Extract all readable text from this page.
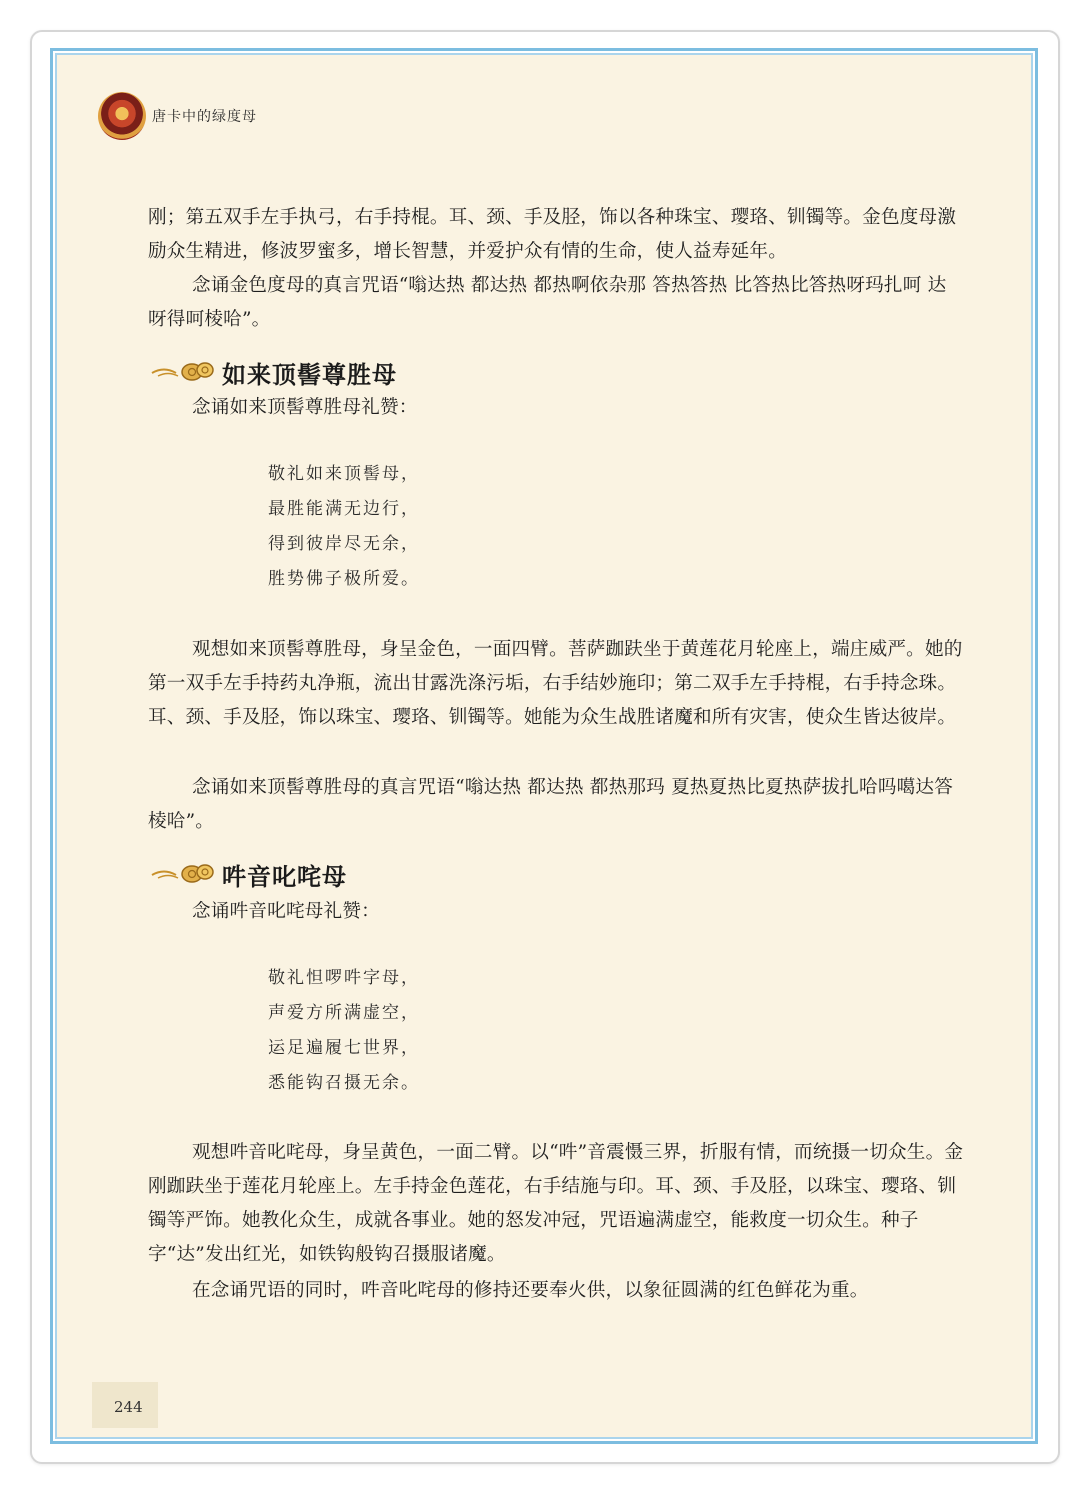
唐卡中的绿度母

刚；第五双手左手执弓，右手持棍。耳、颈、手及胫，饰以各种珠宝、璎珞、钏镯等。金色度母激励众生精进，修波罗蜜多，增长智慧，并爱护众有情的生命，使人益寿延年。

念诵金色度母的真言咒语“嗡达热 都达热 都热啊依杂那 答热答热 比答热比答热呀玛扎呵 达呀得呵棱哈”。

如来顶髻尊胜母

念诵如来顶髻尊胜母礼赞：

敬礼如来顶髻母，
最胜能满无边行，
得到彼岸尽无余，
胜势佛子极所爱。

观想如来顶髻尊胜母，身呈金色，一面四臂。菩萨跏趺坐于黄莲花月轮座上，端庄威严。她的第一双手左手持药丸净瓶，流出甘露洗涤污垢，右手结妙施印；第二双手左手持棍，右手持念珠。耳、颈、手及胫，饰以珠宝、璎珞、钏镯等。她能为众生战胜诸魔和所有灾害，使众生皆达彼岸。

念诵如来顶髻尊胜母的真言咒语“嗡达热 都达热 都热那玛 夏热夏热比夏热萨拔扎哈吗噶达答棱哈”。

吽音叱咤母

念诵吽音叱咤母礼赞：

敬礼怛啰吽字母，
声爱方所满虚空，
运足遍履七世界，
悉能钩召摄无余。

观想吽音叱咤母，身呈黄色，一面二臂。以“吽”音震慑三界，折服有情，而统摄一切众生。金刚跏趺坐于莲花月轮座上。左手持金色莲花，右手结施与印。耳、颈、手及胫，以珠宝、璎珞、钏镯等严饰。她教化众生，成就各事业。她的怒发冲冠，咒语遍满虚空，能救度一切众生。种子字“达”发出红光，如铁钩般钩召摄服诸魔。

在念诵咒语的同时，吽音叱咤母的修持还要奉火供，以象征圆满的红色鲜花为重。

244
